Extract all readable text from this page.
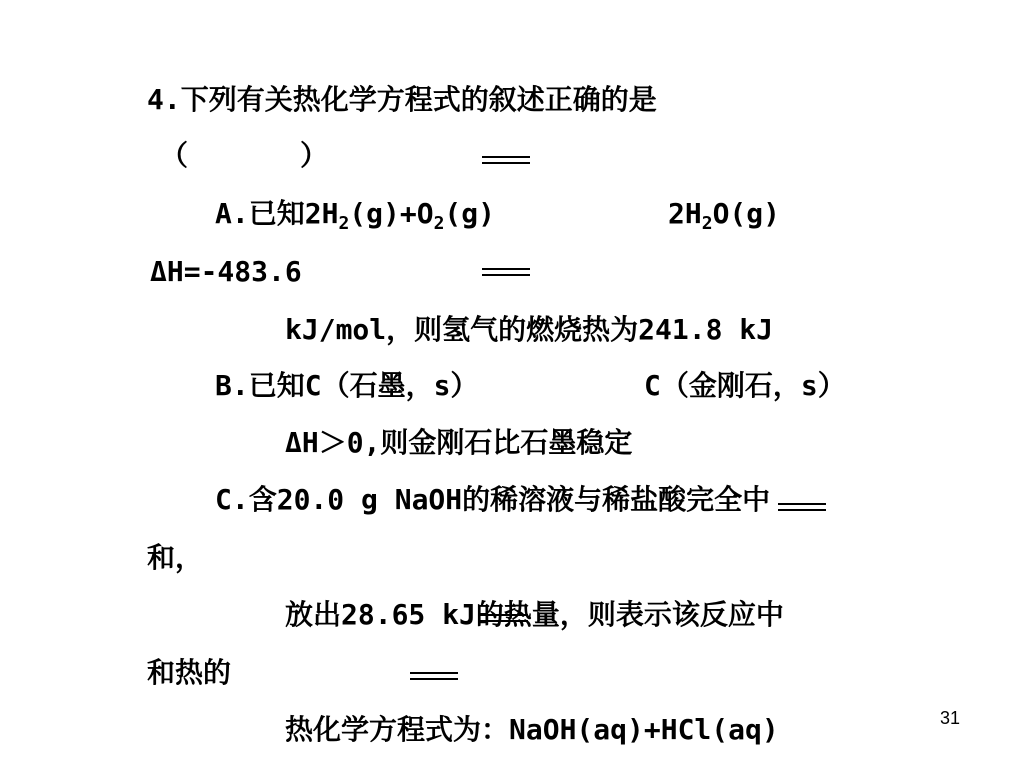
4.下列有关热化学方程式的叙述正确的是
（　　　　）
A.已知$2H_2(g)+O_2(g)$	$2H_2O(g)$
ΔH=-483.6
kJ/mol，则氢气的燃烧热为241.8 kJ
B.已知C（石墨，s）	C（金刚石，s）
ΔH＞0,则金刚石比石墨稳定
C.含20.0 g NaOH的稀溶液与稀盐酸完全中
和，
放出28.65 kJ的热量，则表示该反应中
和热的
热化学方程式为：NaOH(aq)+HCl(aq)	31
